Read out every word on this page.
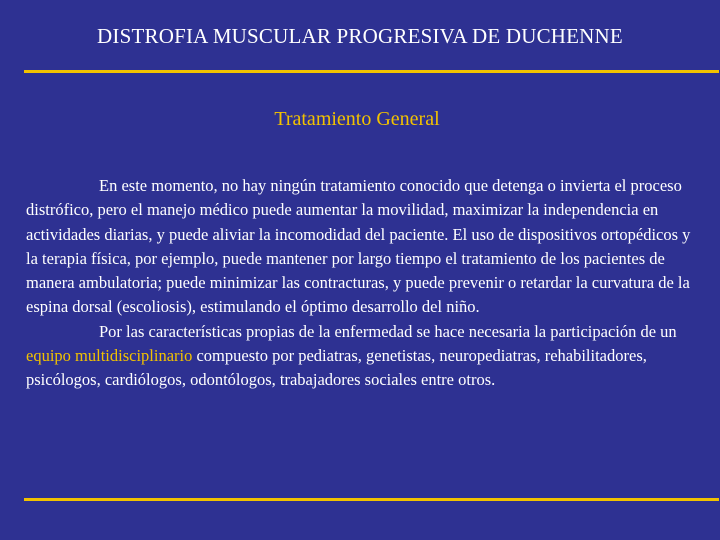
DISTROFIA MUSCULAR PROGRESIVA DE DUCHENNE
Tratamiento General

En este momento, no hay ningún tratamiento conocido que detenga o invierta el proceso distrófico, pero el manejo médico puede aumentar la movilidad, maximizar la independencia en actividades diarias, y puede aliviar la incomodidad del paciente. El uso de dispositivos ortopédicos y la terapia física, por ejemplo, puede mantener por largo tiempo el tratamiento de los pacientes de manera ambulatoria; puede minimizar las contracturas, y puede prevenir o retardar la curvatura de la espina dorsal (escoliosis), estimulando el óptimo desarrollo del niño.

Por las características propias de la enfermedad se hace necesaria la participación de un equipo multidisciplinario compuesto por pediatras, genetistas, neuropediatras, rehabilitadores, psicólogos, cardiólogos, odontólogos, trabajadores sociales entre otros.
